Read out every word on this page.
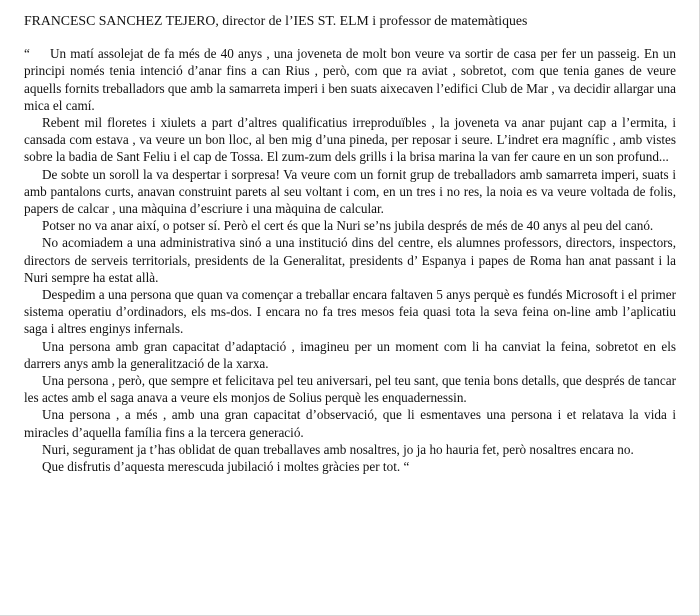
FRANCESC SANCHEZ TEJERO, director de l’IES ST. ELM i professor de matemàtiques

“ Un matí assolejat de fa més de 40 anys , una joveneta de molt bon veure va sortir de casa per fer un passeig. En un principi només tenia intenció d’anar fins a can Rius , però, com que ra aviat , sobretot, com que tenia ganes de veure aquells fornits treballadors que amb la samarreta imperi i ben suats aixecaven l’edifici Club de Mar , va decidir allargar una mica el camí.

Rebent mil floretes i xiulets a part d’altres qualificatius irreproduïbles , la joveneta va anar pujant cap a l’ermita, i cansada com estava , va veure un bon lloc, al ben mig d’una pineda, per reposar i seure. L’indret era magnífic , amb vistes sobre la badia de Sant Feliu i el cap de Tossa. El zum-zum dels grills i la brisa marina la van fer caure en un son profund...

De sobte un soroll la va despertar i sorpresa! Va veure com un fornit grup de treballadors amb samarreta imperi, suats i amb pantalons curts, anavan construint parets al seu voltant i com, en un tres i no res, la noia es va veure voltada de folis, papers de calcar , una màquina d’escriure i una màquina de calcular.

Potser no va anar així, o potser sí. Però el cert és que la Nuri se’ns jubila després de més de 40 anys al peu del canó.

No acomiadem a una administrativa sinó a una institució dins del centre, els alumnes professors, directors, inspectors, directors de serveis territorials, presidents de la Generalitat, presidents d’ Espanya i papes de Roma han anat passant i la Nuri sempre ha estat allà.

Despedim a una persona que quan va començar a treballar encara faltaven 5 anys perquè es fundés Microsoft i el primer sistema operatiu d’ordinadors, els ms-dos. I encara no fa tres mesos feia quasi tota la seva feina on-line amb l’aplicatiu saga i altres enginys infernals.

Una persona amb gran capacitat d’adaptació , imagineu per un moment com li ha canviat la feina, sobretot en els darrers anys amb la generalització de la xarxa.

Una persona , però, que sempre et felicitava pel teu aniversari, pel teu sant, que tenia bons detalls, que després de tancar les actes amb el saga anava a veure els monjos de Solius perquè les enquadernessin.

Una persona , a més , amb una gran capacitat d’observació, que li esmentaves una persona i et relatava la vida i miracles d’aquella família fins a la tercera generació.

Nuri, segurament ja t’has oblidat de quan treballaves amb nosaltres, jo ja ho hauria fet, però nosaltres encara no.

Que disfrutis d’aquesta merescuda jubilació i moltes gràcies per tot. “
